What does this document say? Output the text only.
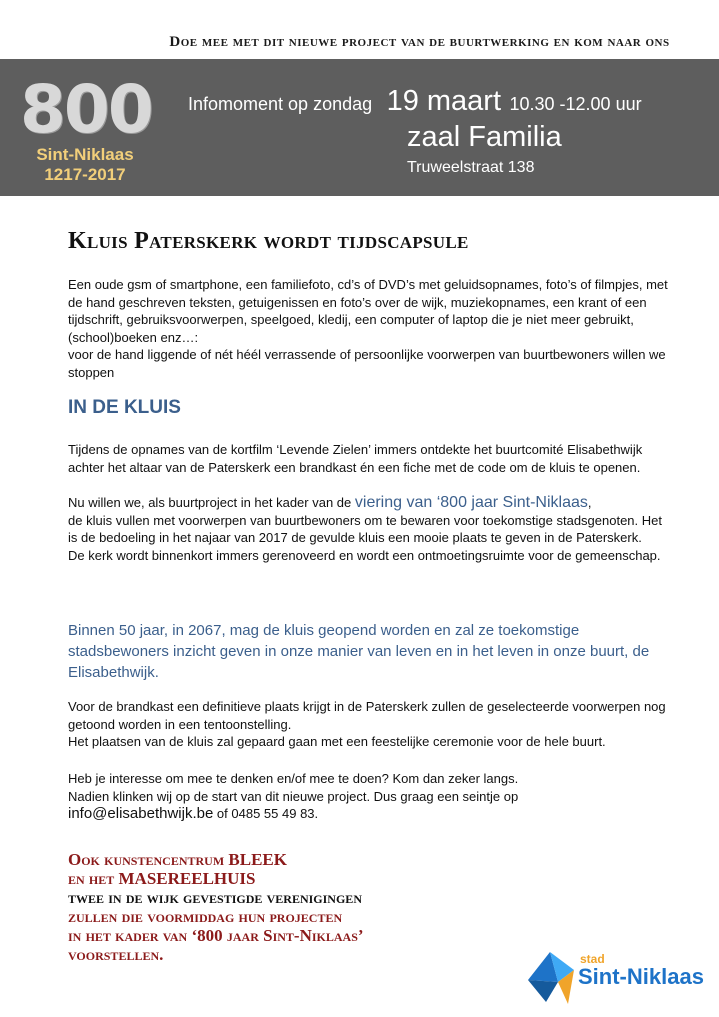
Doe mee met dit nieuwe project van de buurtwerking en kom naar ons
800
Sint-Niklaas
1217-2017
Infomoment op zondag 19 maart 10.30 -12.00 uur
zaal Familia
Truweelstraat 138
Kluis Paterskerk wordt tijdscapsule
Een oude gsm of smartphone, een familiefoto, cd’s of DVD’s met geluidsopnames, foto’s of filmpjes, met de hand geschreven teksten, getuigenissen en foto’s over de wijk, muziekopnames, een krant of een tijdschrift, gebruiksvoorwerpen, speelgoed, kledij, een computer of laptop die je niet meer gebruikt, (school)boeken enz…:
voor de hand liggende of nét héél verrassende of persoonlijke voorwerpen van buurtbewoners willen we stoppen
IN DE KLUIS
Tijdens de opnames van de kortfilm ‘Levende Zielen’ immers ontdekte het buurtcomité Elisabethwijk achter het altaar van de Paterskerk een brandkast én een fiche met de code om de kluis te openen.
Nu willen we, als buurtproject in het kader van de viering van ‘800 jaar Sint-Niklaas,
de kluis vullen met voorwerpen van buurtbewoners om te bewaren voor toekomstige stadsgenoten. Het is de bedoeling in het najaar van 2017 de gevulde kluis een mooie plaats te geven in de Paterskerk.
De kerk wordt binnenkort immers gerenoveerd en wordt een ontmoetingsruimte voor de gemeenschap.
Binnen 50 jaar, in 2067, mag de kluis geopend worden en zal ze toekomstige stadsbewoners inzicht geven in onze manier van leven en in het leven in onze buurt, de Elisabethwijk.
Voor de brandkast een definitieve plaats krijgt in de Paterskerk zullen de geselecteerde voorwerpen nog getoond worden in een tentoonstelling.
Het plaatsen van de kluis zal gepaard gaan met een feestelijke ceremonie voor de hele buurt.
Heb je interesse om mee te denken en/of mee te doen? Kom dan zeker langs.
Nadien klinken wij op de start van dit nieuwe project. Dus graag een seintje op
info@elisabethwijk.be of 0485 55 49 83.
Ook kunstencentrum BLEEK
en het MASEREELHUIS
twee in de wijk gevestigde verenigingen
zullen die voormiddag hun projecten
in het kader van ‘800 jaar Sint-Niklaas’
voorstellen.	stad
Sint-Niklaas
